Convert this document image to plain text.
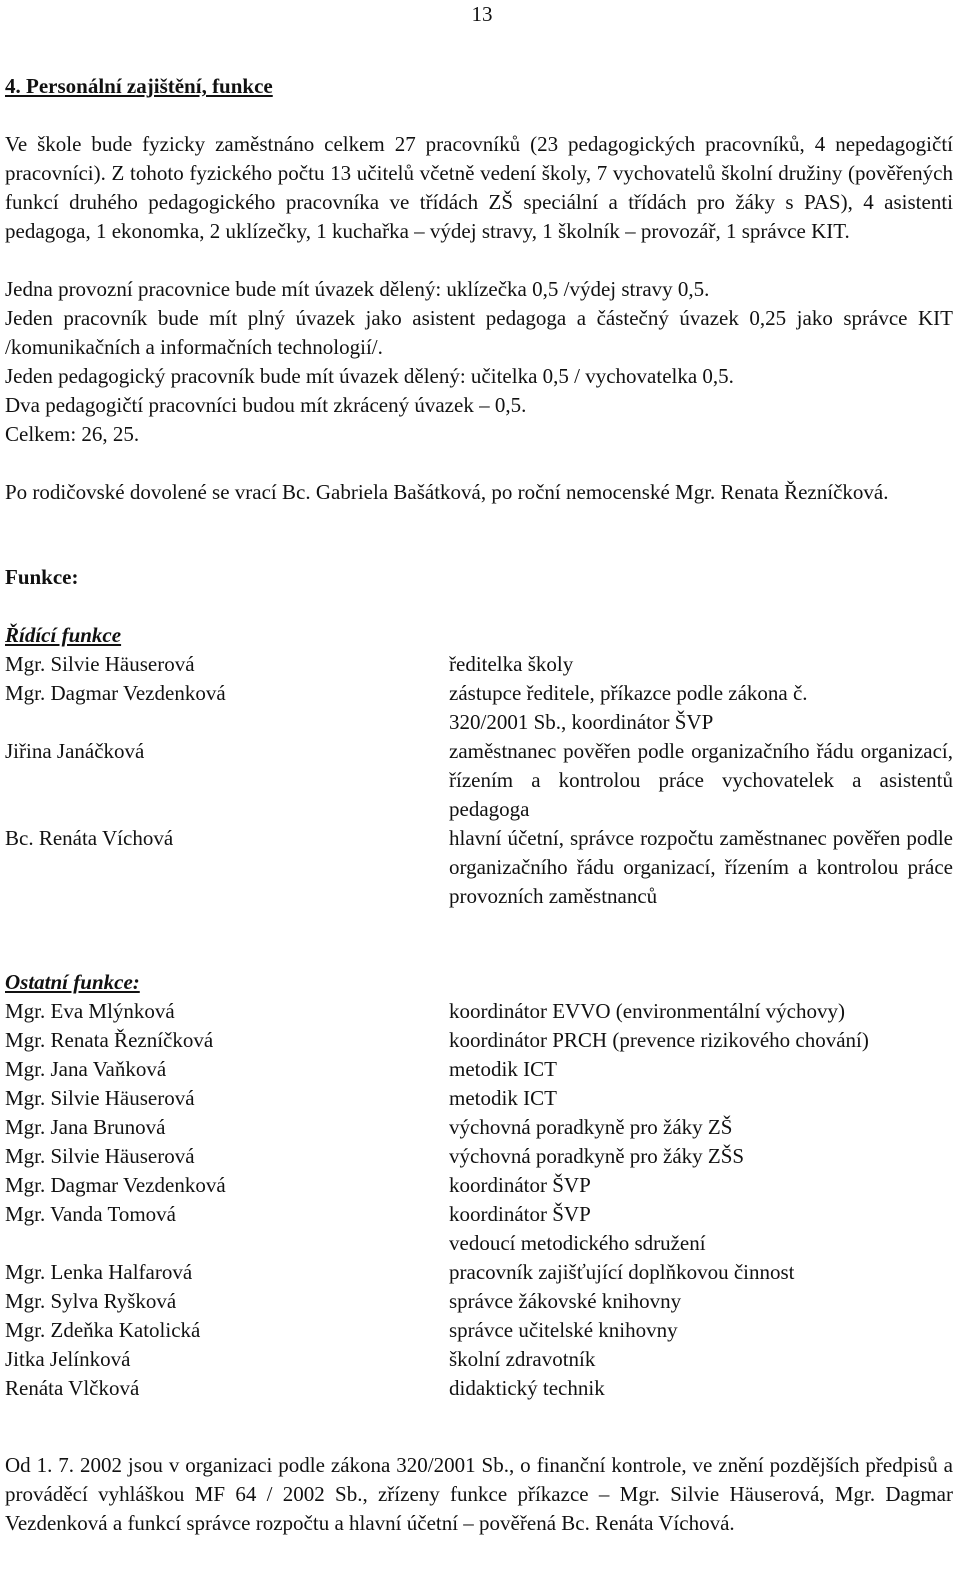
13
4. Personální zajištění, funkce
Ve škole bude fyzicky zaměstnáno celkem 27 pracovníků (23 pedagogických pracovníků, 4 nepedagogičtí pracovníci). Z tohoto fyzického počtu 13 učitelů včetně vedení školy, 7 vychovatelů školní družiny (pověřených funkcí druhého pedagogického pracovníka ve třídách ZŠ speciální a třídách pro žáky s PAS), 4 asistenti pedagoga, 1 ekonomka, 2 uklízečky, 1 kuchařka – výdej stravy, 1 školník – provozář, 1 správce KIT.
Jedna provozní pracovnice bude mít úvazek dělený: uklízečka 0,5 /výdej stravy 0,5.
Jeden pracovník bude mít plný úvazek jako asistent pedagoga a částečný úvazek 0,25 jako správce KIT /komunikačních a informačních technologií/.
Jeden pedagogický pracovník bude mít úvazek dělený: učitelka 0,5 / vychovatelka 0,5.
Dva pedagogičtí pracovníci budou mít zkrácený úvazek – 0,5.
Celkem: 26, 25.
Po rodičovské dovolené se vrací Bc. Gabriela Bašátková, po roční nemocenské Mgr. Renata Řezníčková.
Funkce:
Řídící funkce
Mgr. Silvie Häuserová	ředitelka školy
Mgr. Dagmar Vezdenková	zástupce ředitele, příkazce podle zákona č. 320/2001 Sb., koordinátor ŠVP
Jiřina Janáčková	zaměstnanec pověřen podle organizačního řádu organizací, řízením a kontrolou práce vychovatelek a asistentů pedagoga
Bc. Renáta Víchová	hlavní účetní, správce rozpočtu zaměstnanec pověřen podle organizačního řádu organizací, řízením a kontrolou práce provozních zaměstnanců
Ostatní funkce:
Mgr. Eva Mlýnková	koordinátor EVVO (environmentální výchovy)
Mgr. Renata Řezníčková	koordinátor PRCH (prevence rizikového chování)
Mgr. Jana Vaňková	metodik ICT
Mgr. Silvie Häuserová	metodik ICT
Mgr. Jana Brunová	výchovná poradkyně pro žáky ZŠ
Mgr. Silvie Häuserová	výchovná poradkyně pro žáky ZŠS
Mgr. Dagmar Vezdenková	koordinátor ŠVP
Mgr. Vanda Tomová	koordinátor ŠVP
vedoucí metodického sdružení
Mgr. Lenka Halfarová	pracovník zajišťující doplňkovou činnost
Mgr. Sylva Ryšková	správce žákovské knihovny
Mgr. Zdeňka Katolická	správce učitelské knihovny
Jitka Jelínková	školní zdravotník
Renáta Vlčková	didaktický technik
Od 1. 7. 2002 jsou v organizaci podle zákona 320/2001 Sb., o finanční kontrole, ve znění pozdějších předpisů a prováděcí vyhláškou MF 64 / 2002 Sb., zřízeny funkce příkazce – Mgr. Silvie Häuserová, Mgr. Dagmar Vezdenková a funkcí správce rozpočtu a hlavní účetní – pověřená Bc. Renáta Víchová.
